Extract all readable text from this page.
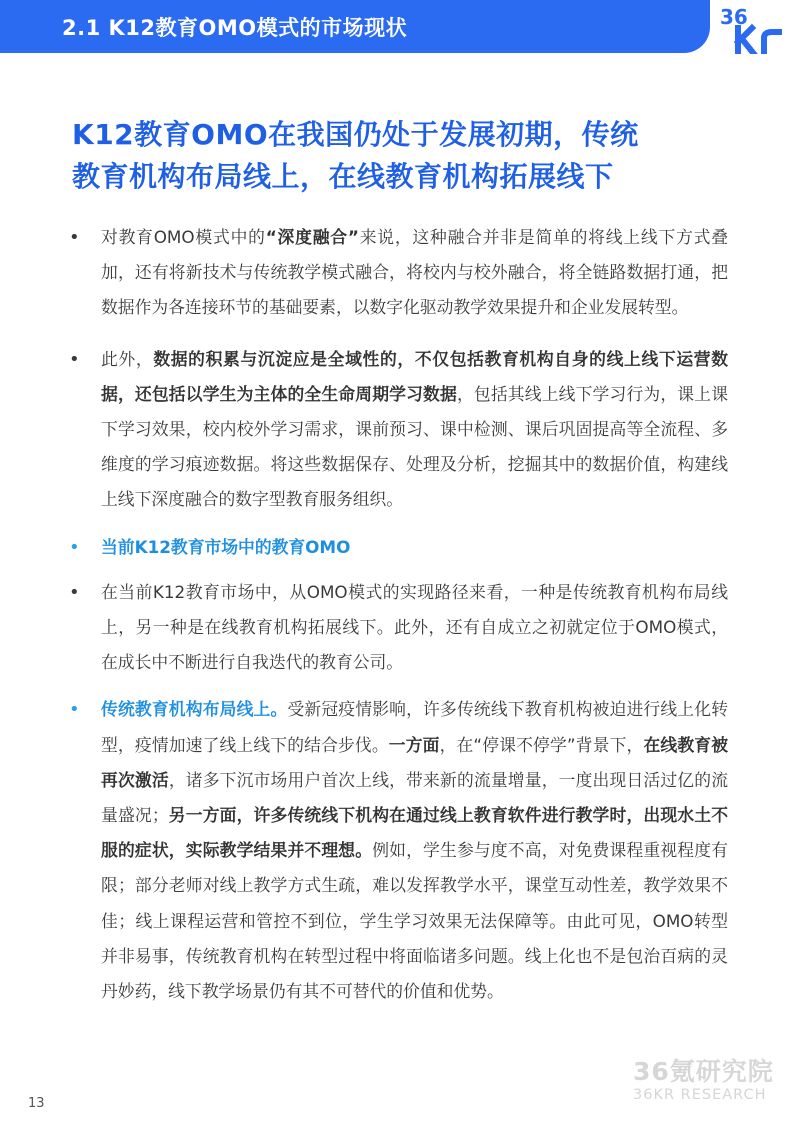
2.1 K12教育OMO模式的市场现状	36
K12教育OMO在我国仍处于发展初期，传统
教育机构布局线上，在线教育机构拓展线下

• 对教育OMO模式中的“深度融合”来说，这种融合并非是简单的将线上线下方式叠加，还有将新技术与传统教学模式融合，将校内与校外融合，将全链路数据打通，把数据作为各连接环节的基础要素，以数字化驱动教学效果提升和企业发展转型。

• 此外，数据的积累与沉淀应是全域性的，不仅包括教育机构自身的线上线下运营数据，还包括以学生为主体的全生命周期学习数据，包括其线上线下学习行为，课上课下学习效果，校内校外学习需求，课前预习、课中检测、课后巩固提高等全流程、多维度的学习痕迹数据。将这些数据保存、处理及分析，挖掘其中的数据价值，构建线上线下深度融合的数字型教育服务组织。

• 当前K12教育市场中的教育OMO

• 在当前K12教育市场中，从OMO模式的实现路径来看，一种是传统教育机构布局线上，另一种是在线教育机构拓展线下。此外，还有自成立之初就定位于OMO模式，在成长中不断进行自我迭代的教育公司。

• 传统教育机构布局线上。受新冠疫情影响，许多传统线下教育机构被迫进行线上化转型，疫情加速了线上线下的结合步伐。一方面，在“停课不停学”背景下，在线教育被再次激活，诸多下沉市场用户首次上线，带来新的流量增量，一度出现日活过亿的流量盛况；另一方面，许多传统线下机构在通过线上教育软件进行教学时，出现水土不服的症状，实际教学结果并不理想。例如，学生参与度不高，对免费课程重视程度有限；部分老师对线上教学方式生疏，难以发挥教学水平，课堂互动性差，教学效果不佳；线上课程运营和管控不到位，学生学习效果无法保障等。由此可见，OMO转型并非易事，传统教育机构在转型过程中将面临诸多问题。线上化也不是包治百病的灵丹妙药，线下教学场景仍有其不可替代的价值和优势。

36氪研究院
36KR RESEARCH
13
